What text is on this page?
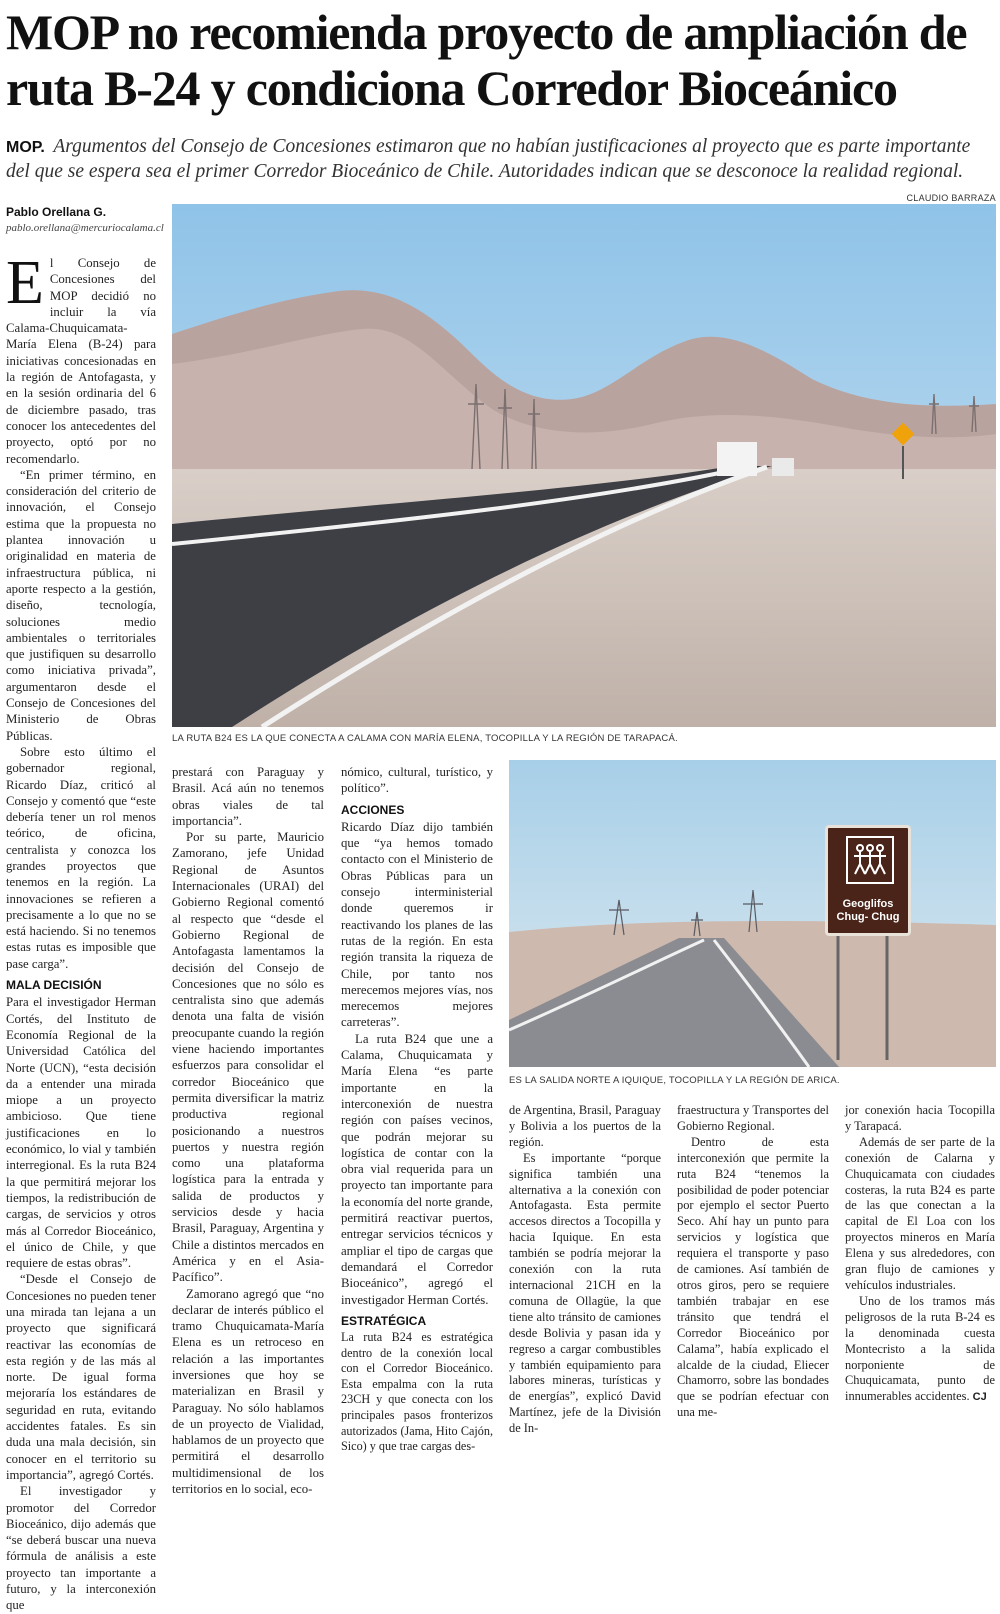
MOP no recomienda proyecto de ampliación de ruta B-24 y condiciona Corredor Bioceánico
MOP. Argumentos del Consejo de Concesiones estimaron que no habían justificaciones al proyecto que es parte importante del que se espera sea el primer Corredor Bioceánico de Chile. Autoridades indican que se desconoce la realidad regional.
CLAUDIO BARRAZA
Pablo Orellana G.
pablo.orellana@mercuriocalama.cl
LA RUTA B24 ES LA QUE CONECTA A CALAMA CON MARÍA ELENA, TOCOPILLA Y LA REGIÓN DE TARAPACÁ.
Geoglifos
Chug- Chug
ES LA SALIDA NORTE A IQUIQUE, TOCOPILLA Y LA REGIÓN DE ARICA.

El Consejo de Concesiones del MOP decidió no incluir la vía Calama-Chuquicamata-María Elena (B-24) para iniciativas concesionadas en la región de Antofagasta, y en la sesión ordinaria del 6 de diciembre pasado, tras conocer los antecedentes del proyecto, optó por no recomendarlo.

“En primer término, en consideración del criterio de innovación, el Consejo estima que la propuesta no plantea innovación u originalidad en materia de infraestructura pública, ni aporte respecto a la gestión, diseño, tecnología, soluciones medio ambientales o territoriales que justifiquen su desarrollo como iniciativa privada”, argumentaron desde el Consejo de Concesiones del Ministerio de Obras Públicas.

Sobre esto último el gobernador regional, Ricardo Díaz, criticó al Consejo y comentó que “este debería tener un rol menos teórico, de oficina, centralista y conozca los grandes proyectos que tenemos en la región. La innovaciones se refieren a precisamente a lo que no se está haciendo. Si no tenemos estas rutas es imposible que pase carga”.

MALA DECISIÓN

Para el investigador Herman Cortés, del Instituto de Economía Regional de la Universidad Católica del Norte (UCN), “esta decisión da a entender una mirada miope a un proyecto ambicioso. Que tiene justificaciones en lo económico, lo vial y también interregional. Es la ruta B24 la que permitirá mejorar los tiempos, la redistribución de cargas, de servicios y otros más al Corredor Bioceánico, el único de Chile, y que requiere de estas obras”.

“Desde el Consejo de Concesiones no pueden tener una mirada tan lejana a un proyecto que significará reactivar las economías de esta región y de las más al norte. De igual forma mejoraría los estándares de seguridad en ruta, evitando accidentes fatales. Es sin duda una mala decisión, sin conocer en el territorio su importancia”, agregó Cortés.

El investigador y promotor del Corredor Bioceánico, dijo además que “se deberá buscar una nueva fórmula de análisis a este proyecto tan importante a futuro, y la interconexión que

prestará con Paraguay y Brasil. Acá aún no tenemos obras viales de tal importancia”.

Por su parte, Mauricio Zamorano, jefe Unidad Regional de Asuntos Internacionales (URAI) del Gobierno Regional comentó al respecto que “desde el Gobierno Regional de Antofagasta lamentamos la decisión del Consejo de Concesiones que no sólo es centralista sino que además denota una falta de visión preocupante cuando la región viene haciendo importantes esfuerzos para consolidar el corredor Bioceánico que permita diversificar la matriz productiva regional posicionando a nuestros puertos y nuestra región como una plataforma logística para la entrada y salida de productos y servicios desde y hacia Brasil, Paraguay, Argentina y Chile a distintos mercados en América y en el Asia-Pacífico”.

Zamorano agregó que “no declarar de interés público el tramo Chuquicamata-María Elena es un retroceso en relación a las importantes inversiones que hoy se materializan en Brasil y Paraguay. No sólo hablamos de un proyecto de Vialidad, hablamos de un proyecto que permitirá el desarrollo multidimensional de los territorios en lo social, eco-

nómico, cultural, turístico, y político”.

ACCIONES

Ricardo Díaz dijo también que “ya hemos tomado contacto con el Ministerio de Obras Públicas para un consejo interministerial donde queremos ir reactivando los planes de las rutas de la región. En esta región transita la riqueza de Chile, por tanto nos merecemos mejores vías, nos merecemos mejores carreteras”.

La ruta B24 que une a Calama, Chuquicamata y María Elena “es parte importante en la interconexión de nuestra región con países vecinos, que podrán mejorar su logística de contar con la obra vial requerida para un proyecto tan importante para la economía del norte grande, permitirá reactivar puertos, entregar servicios técnicos y ampliar el tipo de cargas que demandará el Corredor Bioceánico”, agregó el investigador Herman Cortés.

ESTRATÉGICA

La ruta B24 es estratégica dentro de la conexión local con el Corredor Bioceánico. Esta empalma con la ruta 23CH y que conecta con los principales pasos fronterizos autorizados (Jama, Hito Cajón, Sico) y que trae cargas des-

de Argentina, Brasil, Paraguay y Bolivia a los puertos de la región.

Es importante “porque significa también una alternativa a la conexión con Antofagasta. Esta permite accesos directos a Tocopilla y hacia Iquique. En esta también se podría mejorar la conexión con la ruta internacional 21CH en la comuna de Ollagüe, la que tiene alto tránsito de camiones desde Bolivia y pasan ida y regreso a cargar combustibles y también equipamiento para labores mineras, turísticas y de energías”, explicó David Martínez, jefe de la División de In-

fraestructura y Transportes del Gobierno Regional.

Dentro de esta interconexión que permite la ruta B24 “tenemos la posibilidad de poder potenciar por ejemplo el sector Puerto Seco. Ahí hay un punto para servicios y logística que requiera el transporte y paso de camiones. Así también de otros giros, pero se requiere también trabajar en ese tránsito que tendrá el Corredor Bioceánico por Calama”, había explicado el alcalde de la ciudad, Eliecer Chamorro, sobre las bondades que se podrían efectuar con una me-

jor conexión hacia Tocopilla y Tarapacá.

Además de ser parte de la conexión de Calarna y Chuquicamata con ciudades costeras, la ruta B24 es parte de las que conectan a la capital de El Loa con los proyectos mineros en María Elena y sus alrededores, con gran flujo de camiones y vehículos industriales.

Uno de los tramos más peligrosos de la ruta B-24 es la denominada cuesta Montecristo a la salida norponiente de Chuquicamata, punto de innumerables accidentes. CJ
